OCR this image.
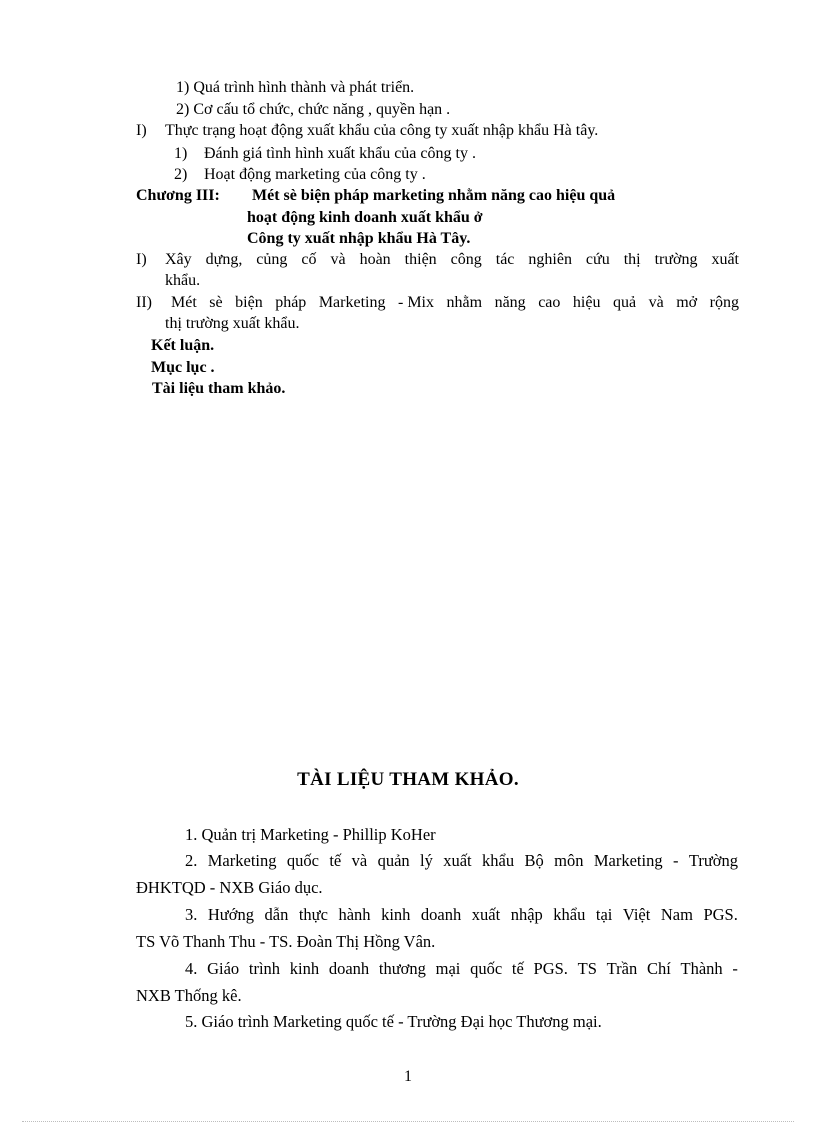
1) Quá trình hình thành và phát triển.
2) Cơ cấu tổ chức, chức năng , quyền hạn .
I) Thực trạng hoạt động xuất khẩu của công ty xuất nhập khẩu Hà tây.
1) Đánh giá tình hình xuất khẩu của công ty .
2) Hoạt động marketing của công ty .
Chương III: Mét sè biện pháp marketing nhằm năng cao hiệu quả
hoạt động kinh doanh xuất khẩu ở
Công ty xuất nhập khẩu Hà Tây.
I) Xây dựng, củng cố và hoàn thiện công tác nghiên cứu thị trường xuất
khẩu.
II) Mét sè biện pháp Marketing - Mix nhằm năng cao hiệu quả và mở rộng
thị trường xuất khẩu.
Kết luận.
Mục lục .
Tài liệu tham khảo.
TÀI LIỆU THAM KHẢO.
1. Quản trị Marketing - Phillip KoHer
2. Marketing quốc tế và quản lý xuất khẩu Bộ môn Marketing - Trường
ĐHKTQD - NXB Giáo dục.
3. Hướng dẫn thực hành kinh doanh xuất nhập khẩu tại Việt Nam PGS.
TS Võ Thanh Thu - TS. Đoàn Thị Hồng Vân.
4. Giáo trình kinh doanh thương mại quốc tế PGS. TS Trần Chí Thành -
NXB Thống kê.
5. Giáo trình Marketing quốc tế - Trường Đại học Thương mại.
1
